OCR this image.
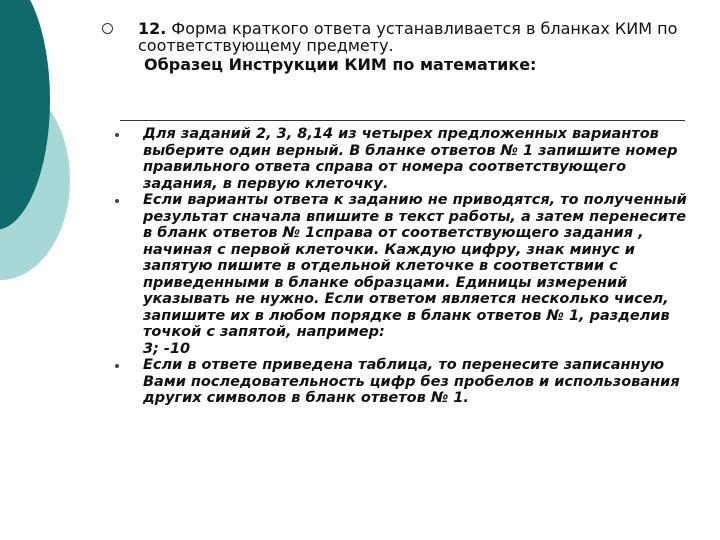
12. Форма краткого ответа устанавливается в бланках КИМ по соответствующему предмету.
Образец Инструкции КИМ по математике:

Для заданий 2, 3, 8,14 из четырех предложенных вариантов выберите один верный. В бланке ответов № 1 запишите номер правильного ответа справа от номера соответствующего задания, в первую клеточку.

Если варианты ответа к заданию не приводятся, то полученный результат сначала впишите в текст работы, а затем перенесите в бланк ответов № 1справа от соответствующего задания , начиная с первой клеточки. Каждую цифру, знак минус и запятую пишите в отдельной клеточке в соответствии с приведенными в бланке образцами. Единицы измерений указывать не нужно. Если ответом является несколько чисел, запишите их в любом порядке в бланк ответов № 1, разделив точкой с запятой, например:

3; -10

Если в ответе приведена таблица, то перенесите записанную Вами последовательность цифр без пробелов и использования других символов в бланк ответов № 1.
